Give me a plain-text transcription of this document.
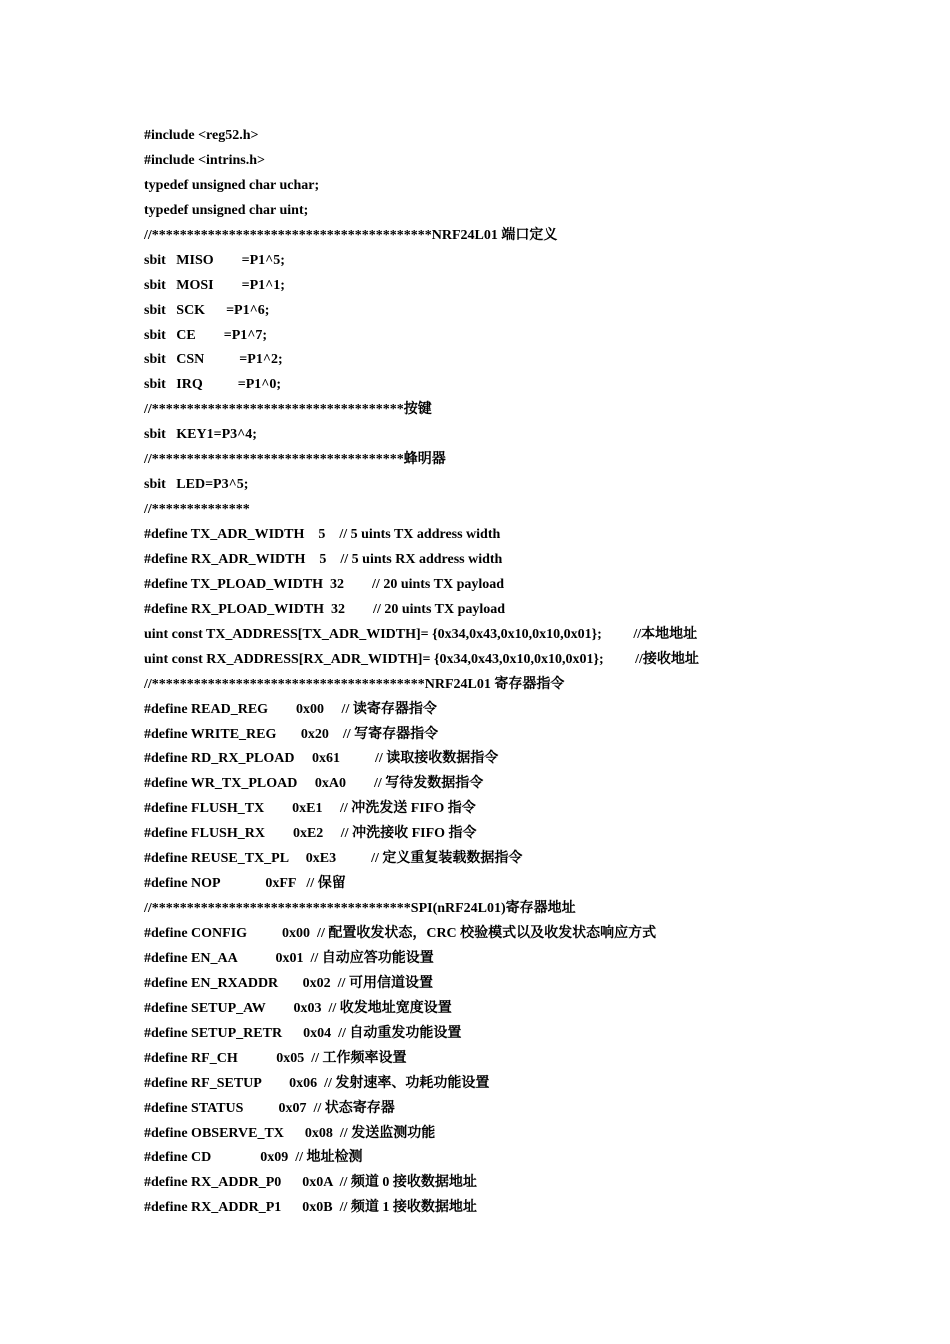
#include <reg52.h>
#include <intrins.h>
typedef unsigned char uchar;
typedef unsigned char uint;
//****************************************NRF24L01 端口定义
sbit   MISO        =P1^5;
sbit   MOSI        =P1^1;
sbit   SCK      =P1^6;
sbit   CE        =P1^7;
sbit   CSN          =P1^2;
sbit   IRQ          =P1^0;
//************************************按键
sbit   KEY1=P3^4;
//************************************蜂明器
sbit   LED=P3^5;
//**************
#define TX_ADR_WIDTH    5    // 5 uints TX address width
#define RX_ADR_WIDTH    5    // 5 uints RX address width
#define TX_PLOAD_WIDTH  32        // 20 uints TX payload
#define RX_PLOAD_WIDTH  32        // 20 uints TX payload
uint const TX_ADDRESS[TX_ADR_WIDTH]= {0x34,0x43,0x10,0x10,0x01};         //本地地址
uint const RX_ADDRESS[RX_ADR_WIDTH]= {0x34,0x43,0x10,0x10,0x01};         //接收地址
//***************************************NRF24L01 寄存器指令
#define READ_REG        0x00     // 读寄存器指令
#define WRITE_REG       0x20    // 写寄存器指令
#define RD_RX_PLOAD     0x61          // 读取接收数据指令
#define WR_TX_PLOAD     0xA0        // 写待发数据指令
#define FLUSH_TX        0xE1     // 冲洗发送 FIFO 指令
#define FLUSH_RX        0xE2     // 冲洗接收 FIFO 指令
#define REUSE_TX_PL     0xE3          // 定义重复装载数据指令
#define NOP             0xFF   // 保留
//*************************************SPI(nRF24L01)寄存器地址
#define CONFIG          0x00  // 配置收发状态，CRC 校验模式以及收发状态响应方式
#define EN_AA           0x01  // 自动应答功能设置
#define EN_RXADDR       0x02  // 可用信道设置
#define SETUP_AW        0x03  // 收发地址宽度设置
#define SETUP_RETR      0x04  // 自动重发功能设置
#define RF_CH           0x05  // 工作频率设置
#define RF_SETUP        0x06  // 发射速率、功耗功能设置
#define STATUS          0x07  // 状态寄存器
#define OBSERVE_TX      0x08  // 发送监测功能
#define CD              0x09  // 地址检测
#define RX_ADDR_P0      0x0A  // 频道 0 接收数据地址
#define RX_ADDR_P1      0x0B  // 频道 1 接收数据地址
